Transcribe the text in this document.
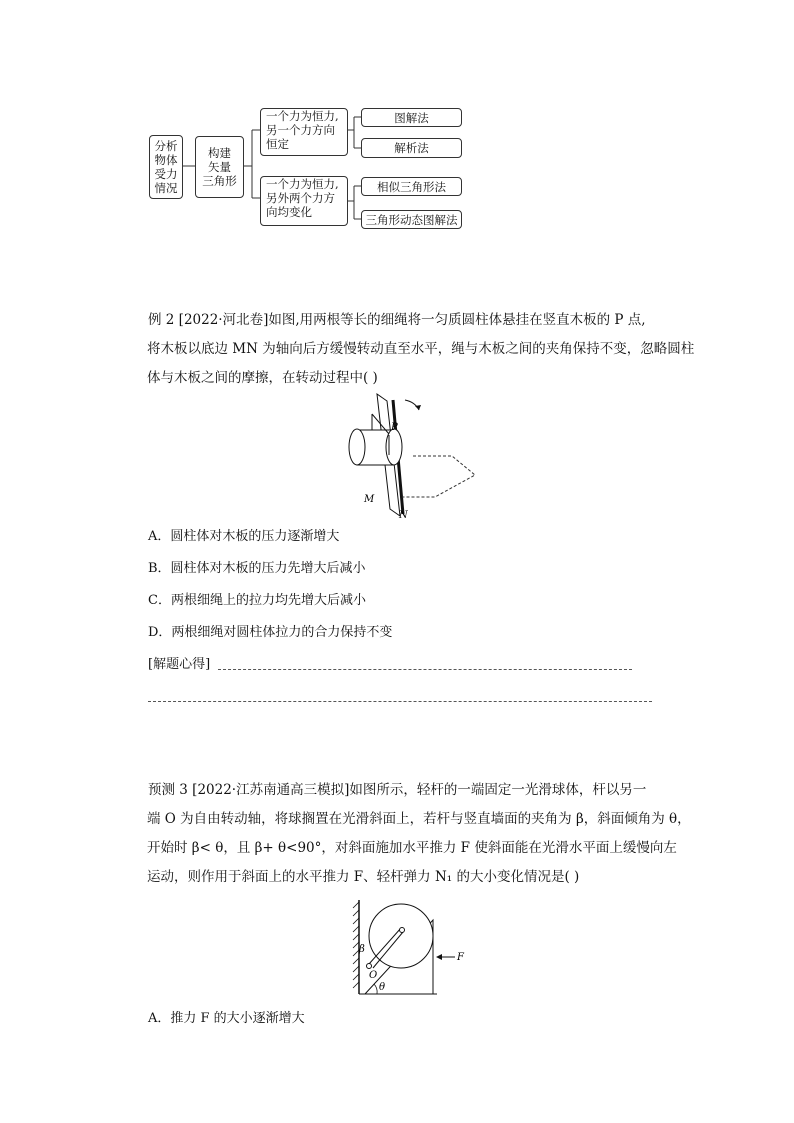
分析
物体
受力
情况
构建
矢量
三角形
一个力为恒力,
另一个力方向
恒定
一个力为恒力,
另外两个力方
向均变化
图解法
解析法
相似三角形法
三角形动态图解法
例 2 [2022·河北卷]如图,用两根等长的细绳将一匀质圆柱体悬挂在竖直木板的 P 点,
将木板以底边 MN 为轴向后方缓慢转动直至水平，绳与木板之间的夹角保持不变，忽略圆柱
体与木板之间的摩擦，在转动过程中( )
P
M
N
A．圆柱体对木板的压力逐渐增大
B．圆柱体对木板的压力先增大后减小
C．两根细绳上的拉力均先增大后减小
D．两根细绳对圆柱体拉力的合力保持不变
[解题心得]
预测 3 [2022·江苏南通高三模拟]如图所示，轻杆的一端固定一光滑球体，杆以另一
端 O 为自由转动轴，将球搁置在光滑斜面上，若杆与竖直墙面的夹角为 β，斜面倾角为 θ，
开始时 β< θ，且 β+ θ<90°，对斜面施加水平推力 F 使斜面能在光滑水平面上缓慢向左
运动，则作用于斜面上的水平推力 F、轻杆弹力 N₁ 的大小变化情况是( )
β
O
θ
F
A．推力 F 的大小逐渐增大
